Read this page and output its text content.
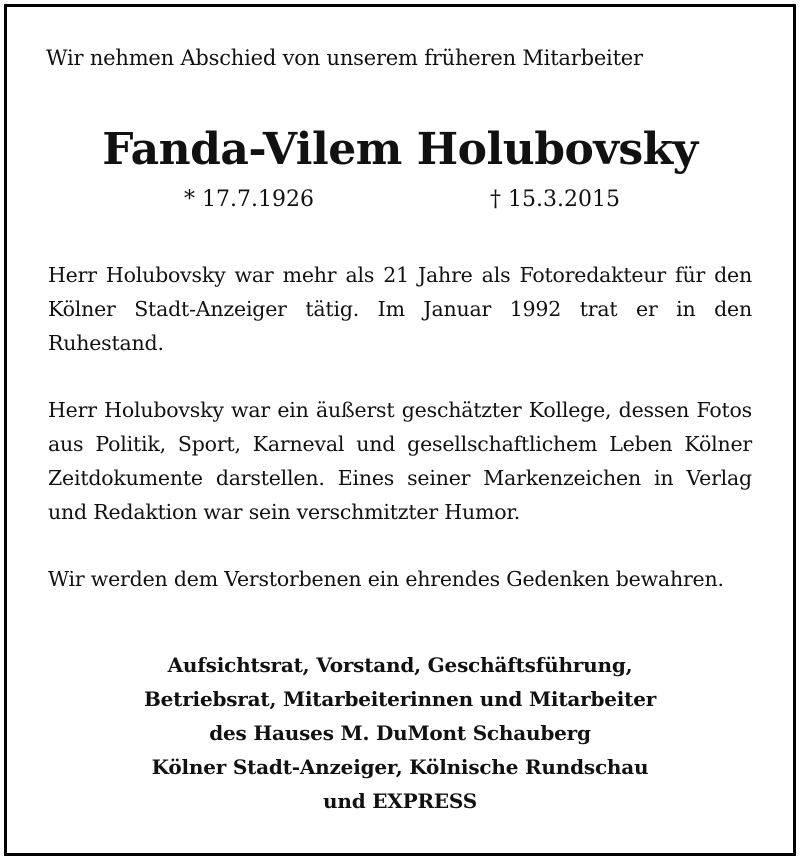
Wir nehmen Abschied von unserem früheren Mitarbeiter
Fanda-Vilem Holubovsky
* 17.7.1926	† 15.3.2015

Herr Holubovsky war mehr als 21 Jahre als Fotoredakteur für den Kölner Stadt-Anzeiger tätig. Im Januar 1992 trat er in den Ruhestand.

Herr Holubovsky war ein äußerst geschätzter Kollege, dessen Fotos aus Politik, Sport, Karneval und gesellschaftlichem Leben Kölner Zeitdokumente darstellen. Eines seiner Markenzeichen in Verlag und Redaktion war sein verschmitzter Humor.

Wir werden dem Verstorbenen ein ehrendes Gedenken bewahren.

Aufsichtsrat, Vorstand, Geschäftsführung,
Betriebsrat, Mitarbeiterinnen und Mitarbeiter
des Hauses M. DuMont Schauberg
Kölner Stadt-Anzeiger, Kölnische Rundschau
und EXPRESS
